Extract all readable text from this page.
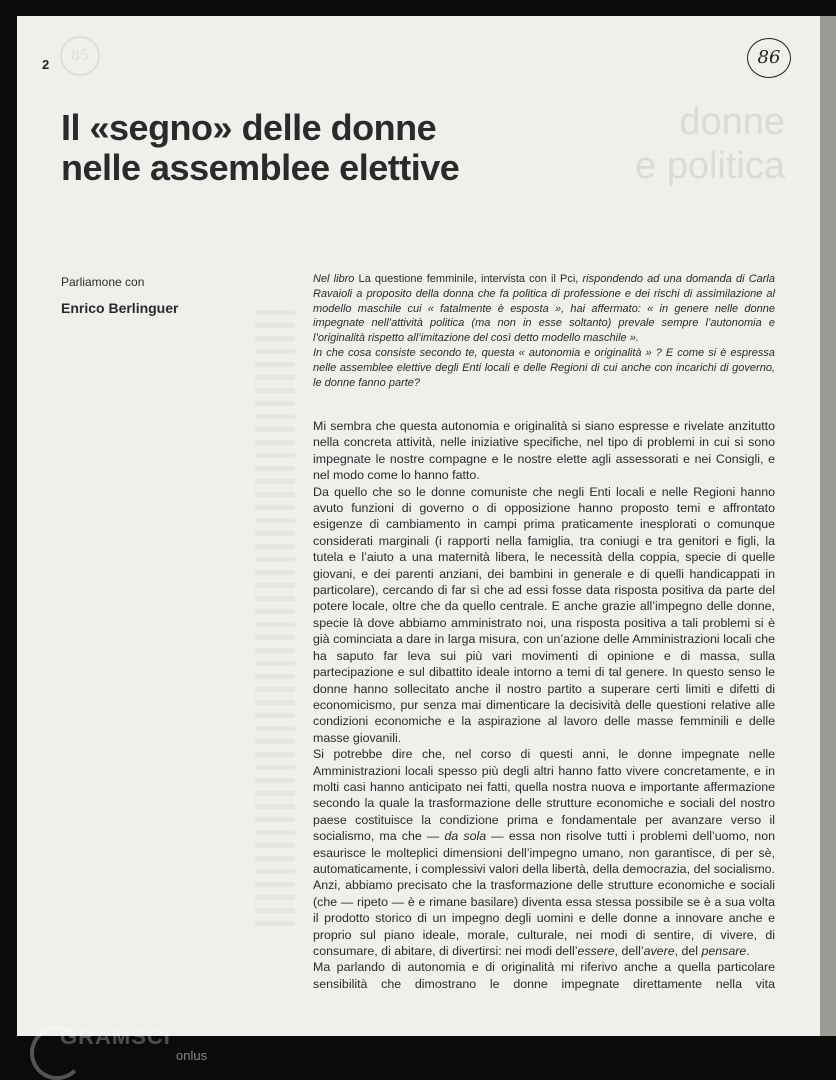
2
85	86
donne
e politica
Il «segno» delle donne
nelle assemblee elettive
Parliamone con
Enrico Berlinguer

Nel libro La questione femminile, intervista con il Pci, rispondendo ad una domanda di Carla Ravaioli a proposito della donna che fa politica di professione e dei rischi di assimilazione al modello maschile cui « fatalmente è esposta », hai affermato: « in genere nelle donne impegnate nell’attività politica (ma non in esse soltanto) prevale sempre l’autonomia e l’originalità rispetto all’imitazione del così detto modello maschile ».
In che cosa consiste secondo te, questa « autonomia e originalità » ? E come si è espressa nelle assemblee elettive degli Enti locali e delle Regioni di cui anche con incarichi di governo, le donne fanno parte?

Mi sembra che questa autonomia e originalità si siano espresse e rivelate anzitutto nella concreta attività, nelle iniziative specifiche, nel tipo di problemi in cui si sono impegnate le nostre compagne e le nostre elette agli assessorati e nei Consigli, e nel modo come lo hanno fatto.

Da quello che so le donne comuniste che negli Enti locali e nelle Regioni hanno avuto funzioni di governo o di opposizione hanno proposto temi e affrontato esigenze di cambiamento in campi prima praticamente inesplorati o comunque considerati marginali (i rapporti nella famiglia, tra coniugi e tra genitori e figli, la tutela e l’aiuto a una maternità libera, le necessità della coppia, specie di quelle giovani, e dei parenti anziani, dei bambini in generale e di quelli handicappati in particolare), cercando di far sì che ad essi fosse data risposta positiva da parte del potere locale, oltre che da quello centrale. E anche grazie all’impegno delle donne, specie là dove abbiamo amministrato noi, una risposta positiva a tali problemi si è già cominciata a dare in larga misura, con un’azione delle Amministrazioni locali che ha saputo far leva sui più vari movimenti di opinione e di massa, sulla partecipazione e sul dibattito ideale intorno a temi di tal genere. In questo senso le donne hanno sollecitato anche il nostro partito a superare certi limiti e difetti di economicismo, pur senza mai dimenticare la decisività delle questioni relative alle condizioni economiche e la aspirazione al lavoro delle masse femminili e delle masse giovanili.

Si potrebbe dire che, nel corso di questi anni, le donne impegnate nelle Amministrazioni locali spesso più degli altri hanno fatto vivere concretamente, e in molti casi hanno anticipato nei fatti, quella nostra nuova e importante affermazione secondo la quale la trasformazione delle strutture economiche e sociali del nostro paese costituisce la condizione prima e fondamentale per avanzare verso il socialismo, ma che — da sola — essa non risolve tutti i problemi dell’uomo, non esaurisce le molteplici dimensioni dell’impegno umano, non garantisce, di per sè, automaticamente, i complessivi valori della libertà, della democrazia, del socialismo. Anzi, abbiamo precisato che la trasformazione delle strutture economiche e sociali (che — ripeto — è e rimane basilare) diventa essa stessa possibile se è a sua volta il prodotto storico di un impegno degli uomini e delle donne a innovare anche e proprio sul piano ideale, morale, culturale, nei modi di sentire, di vivere, di consumare, di abitare, di divertirsi: nei modi dell’essere, dell’avere, del pensare.

Ma parlando di autonomia e di originalità mi riferivo anche a quella particolare sensibilità che dimostrano le donne impegnate direttamente nella vita

GRAMSCI
onlus
